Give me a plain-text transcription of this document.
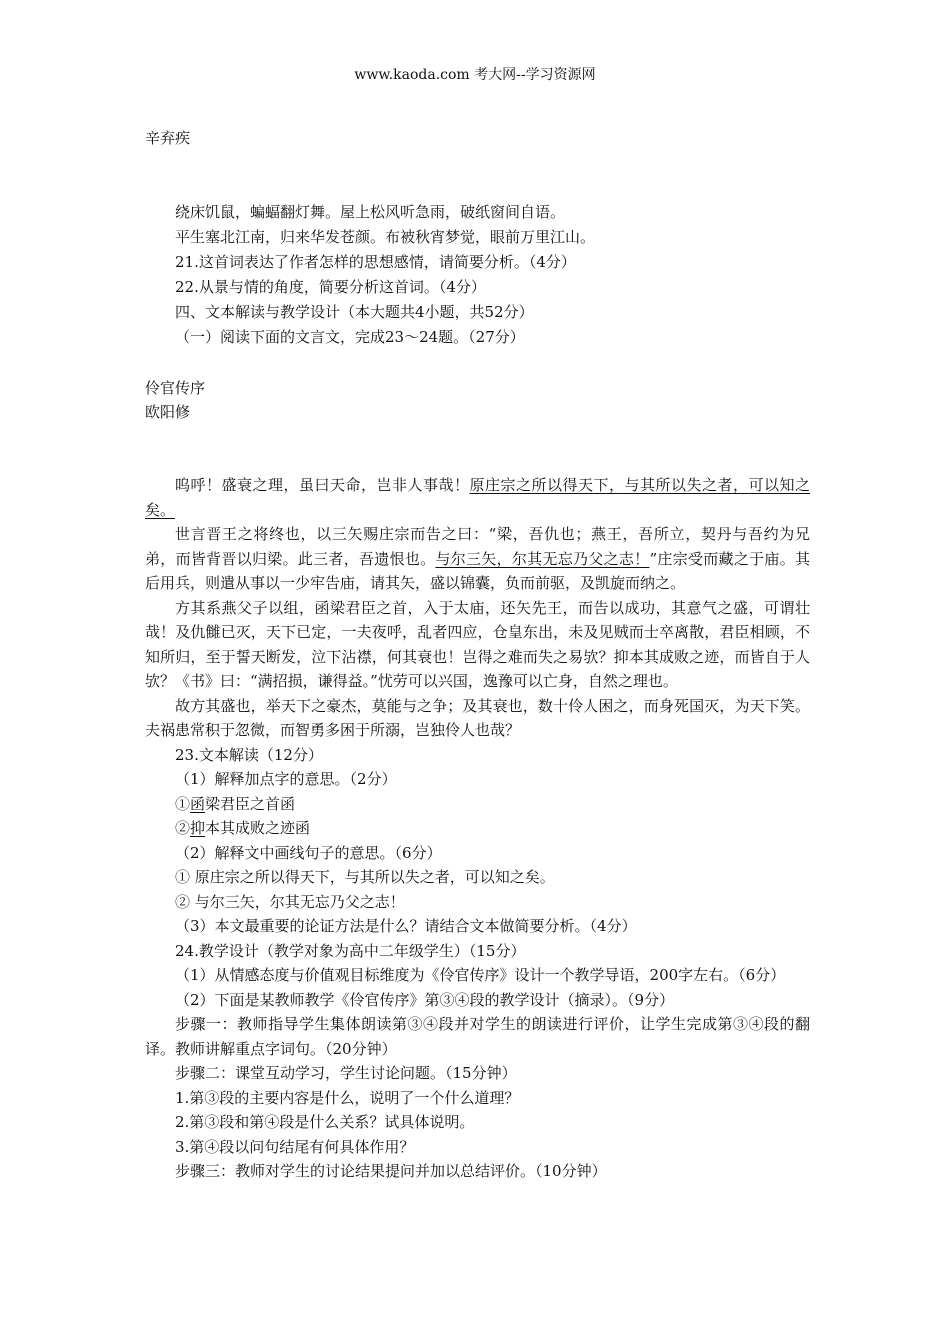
www.kaoda.com 考大网--学习资源网
辛弃疾
绕床饥鼠，蝙蝠翻灯舞。屋上松风听急雨，破纸窗间自语。
平生塞北江南，归来华发苍颜。布被秋宵梦觉，眼前万里江山。
21.这首词表达了作者怎样的思想感情，请简要分析。（4分）
22.从景与情的角度，简要分析这首词。（4分）
四、文本解读与教学设计（本大题共4小题，共52分）
（一）阅读下面的文言文，完成23～24题。（27分）
伶官传序
欧阳修

呜呼！盛衰之理，虽曰天命，岂非人事哉！原庄宗之所以得天下，与其所以失之者，可以知之矣。

世言晋王之将终也，以三矢赐庄宗而告之曰：“梁，吾仇也；燕王，吾所立，契丹与吾约为兄弟，而皆背晋以归梁。此三者，吾遗恨也。与尔三矢，尔其无忘乃父之志！”庄宗受而藏之于庙。其后用兵，则遣从事以一少牢告庙，请其矢，盛以锦囊，负而前驱，及凯旋而纳之。

方其系燕父子以组，函梁君臣之首，入于太庙，还矢先王，而告以成功，其意气之盛，可谓壮哉！及仇雠已灭，天下已定，一夫夜呼，乱者四应，仓皇东出，未及见贼而士卒离散，君臣相顾，不知所归，至于誓天断发，泣下沾襟，何其衰也！岂得之难而失之易欤？抑本其成败之迹，而皆自于人欤？《书》曰：“满招损，谦得益。”忧劳可以兴国，逸豫可以亡身，自然之理也。

故方其盛也，举天下之豪杰，莫能与之争；及其衰也，数十伶人困之，而身死国灭，为天下笑。夫祸患常积于忽微，而智勇多困于所溺，岂独伶人也哉？

23.文本解读（12分）

（1）解释加点字的意思。（2分）

①函梁君臣之首函

②抑本其成败之迹函

（2）解释文中画线句子的意思。（6分）

① 原庄宗之所以得天下，与其所以失之者，可以知之矣。

② 与尔三矢，尔其无忘乃父之志！

（3）本文最重要的论证方法是什么？请结合文本做简要分析。（4分）

24.教学设计（教学对象为高中二年级学生）（15分）

（1）从情感态度与价值观目标维度为《伶官传序》设计一个教学导语，200字左右。（6分）

（2）下面是某教师教学《伶官传序》第③④段的教学设计（摘录）。（9分）

步骤一：教师指导学生集体朗读第③④段并对学生的朗读进行评价，让学生完成第③④段的翻译。教师讲解重点字词句。（20分钟）

步骤二：课堂互动学习，学生讨论问题。（15分钟）

1.第③段的主要内容是什么，说明了一个什么道理？

2.第③段和第④段是什么关系？试具体说明。

3.第④段以问句结尾有何具体作用？

步骤三：教师对学生的讨论结果提问并加以总结评价。（10分钟）
